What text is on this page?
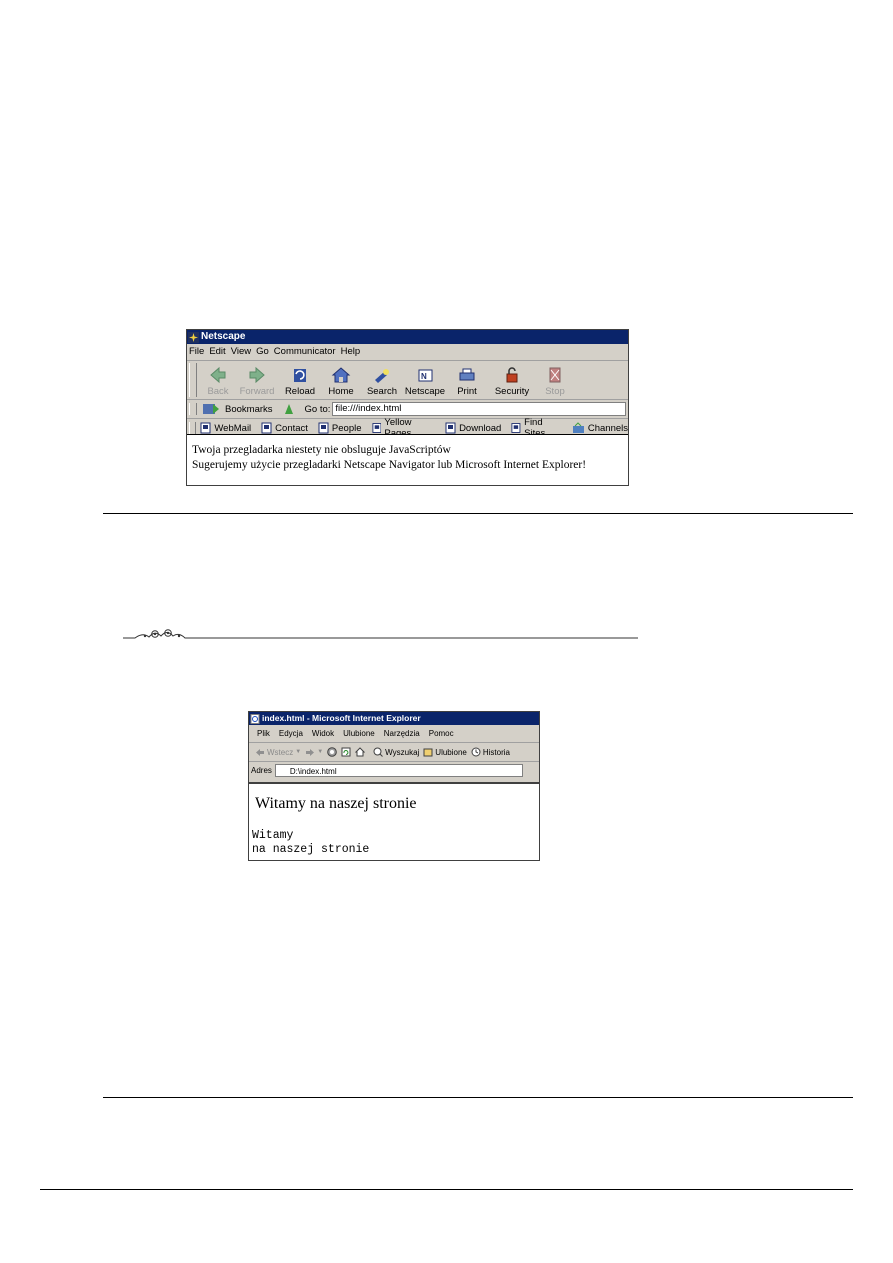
Netscape
File Edit View Go Communicator Help
Back Forward Reload Home Search
N
Netscape Print Security Stop
Bookmarks	Go to: file:///index.html
WebMail	Contact	People Yellow	Download Find	Channels
Twoja przegladarka niestety nie obsluguje JavaScriptów
Sugerujemy użycie przegladarki Netscape Navigator lub Microsoft Internet Explorer!
index.html - Microsoft Internet Explorer
Plik	Edycja	Widok	Ulubione	Narzędzia	Pomoc
Wstecz ▼	▼	Wyszukaj Ulubione Historia
Adres	D:\index.html
Witamy na naszej stronie
Witamy
na naszej stronie
